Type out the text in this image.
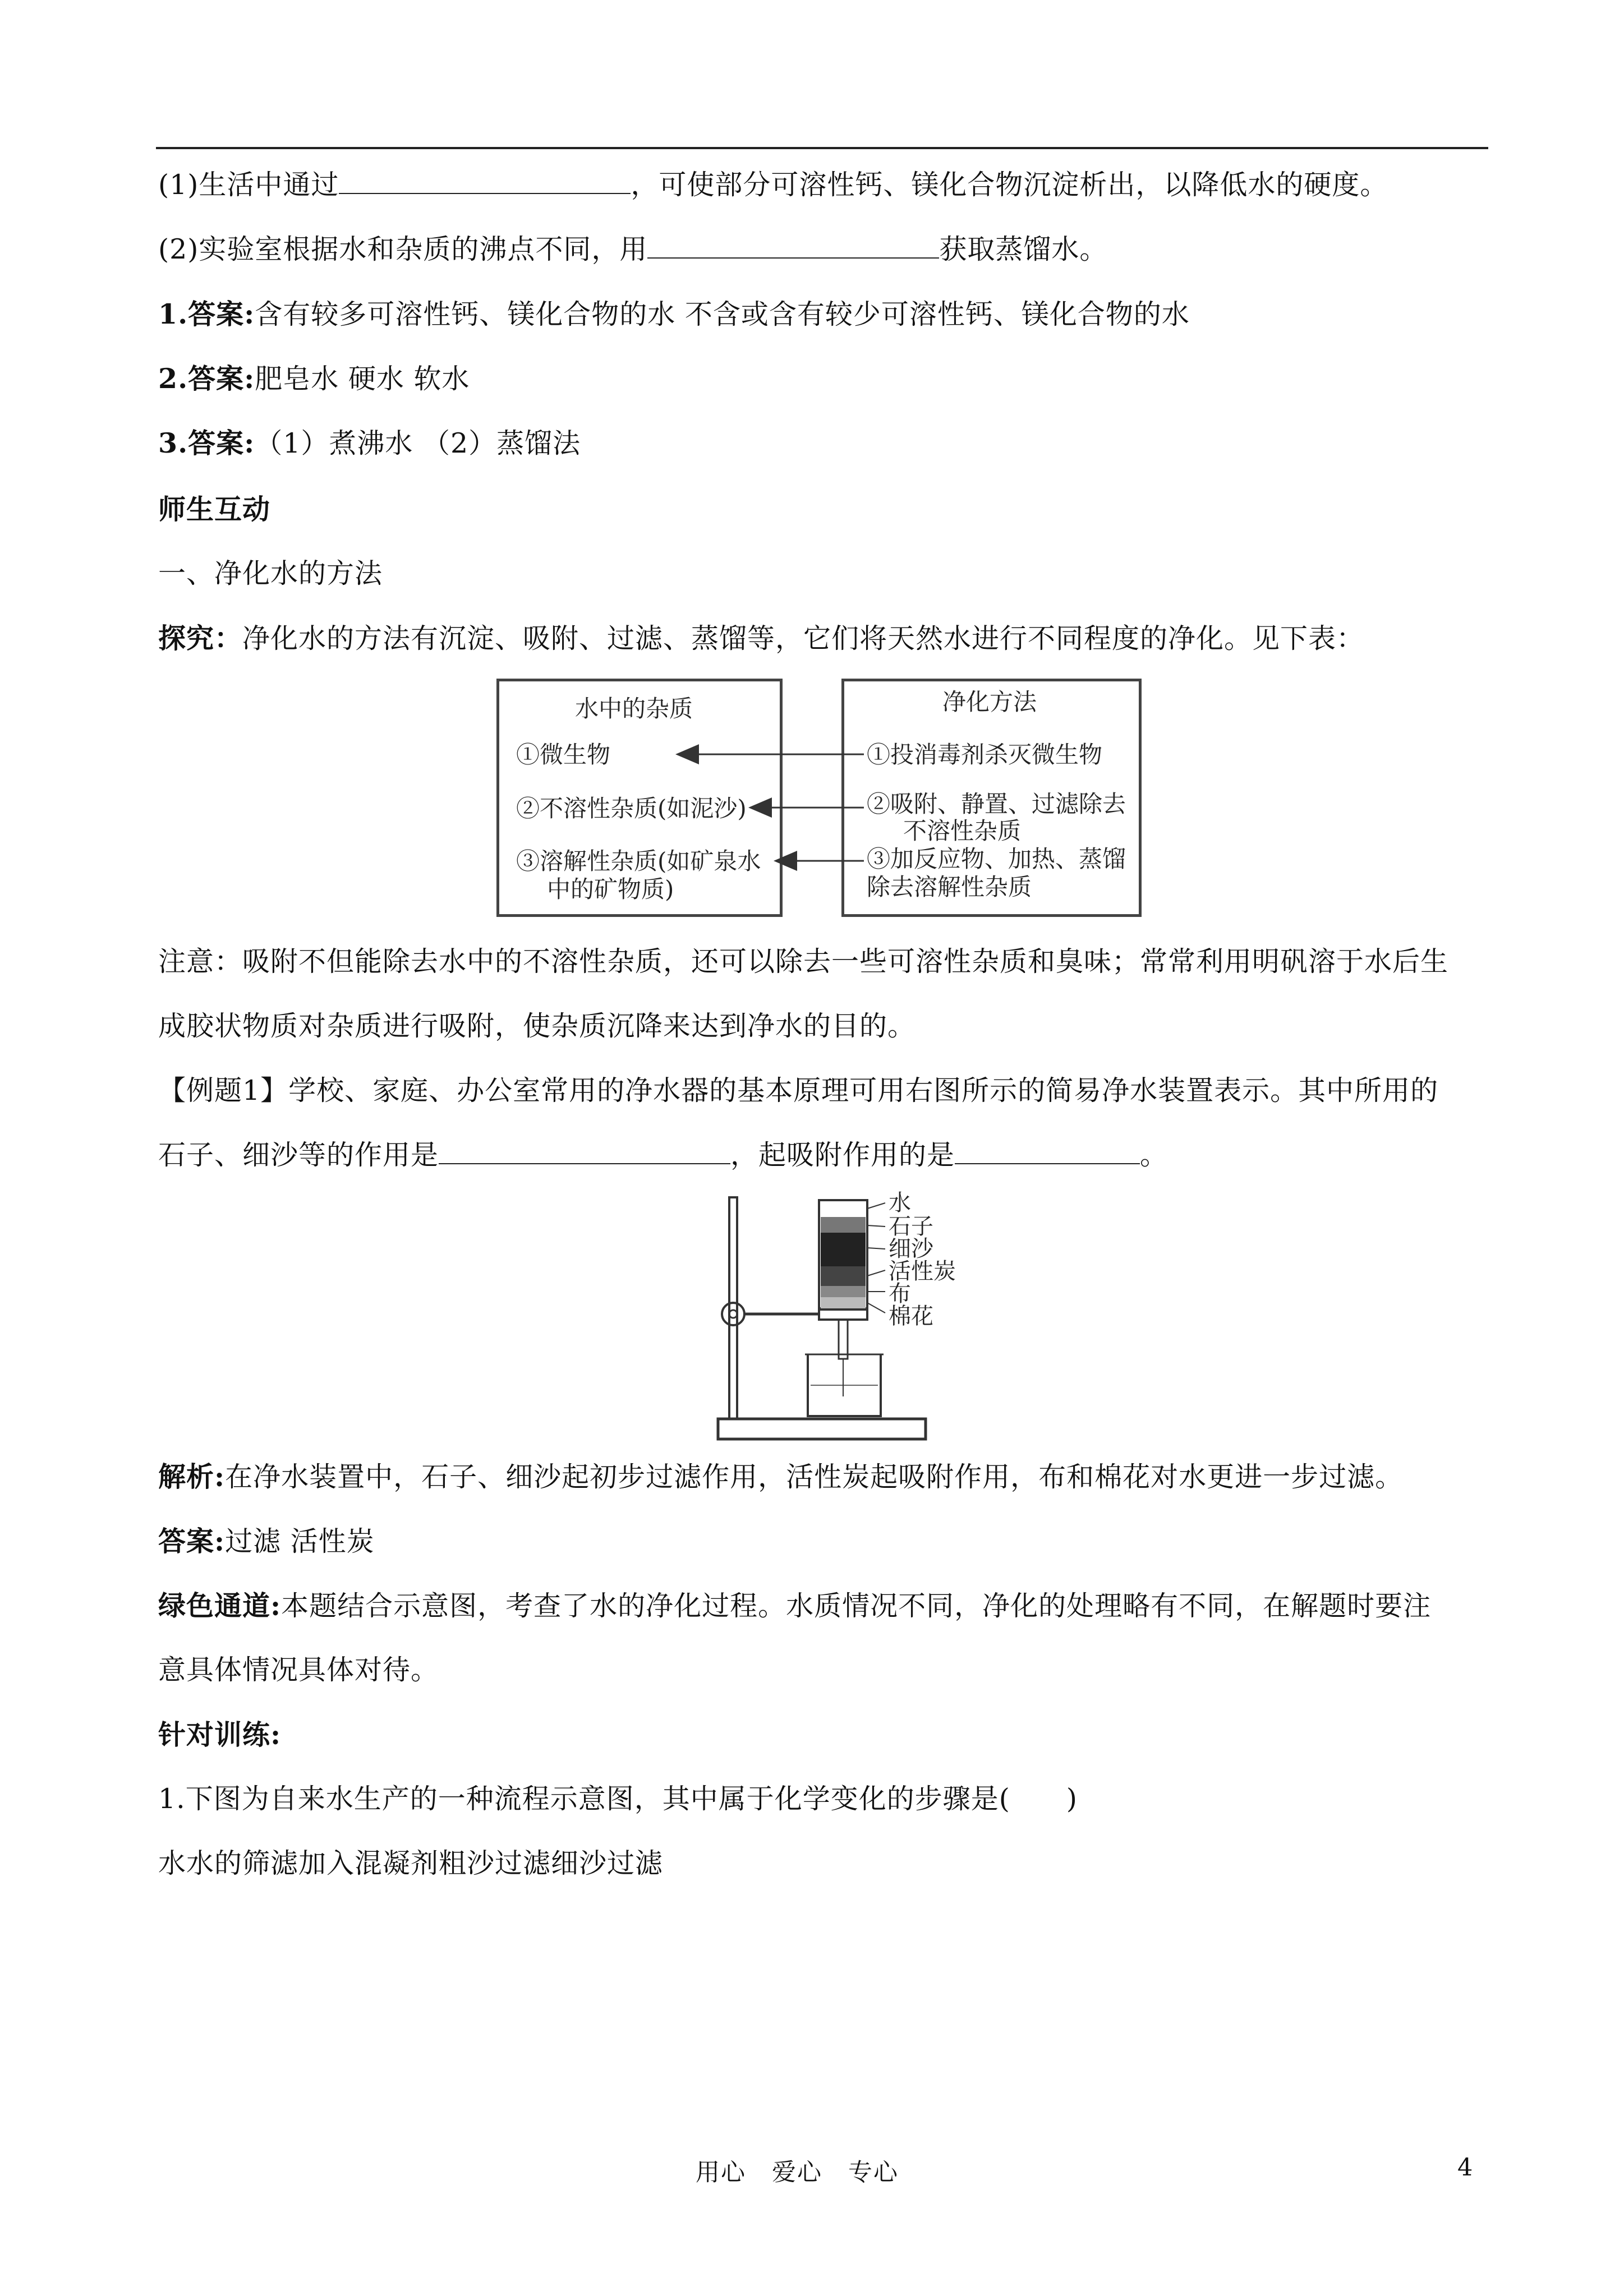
(1)生活中通过	，可使部分可溶性钙、镁化合物沉淀析出，以降低水的硬度。
(2)实验室根据水和杂质的沸点不同，用	获取蒸馏水。
1.答案:含有较多可溶性钙、镁化合物的水 不含或含有较少可溶性钙、镁化合物的水
2.答案:肥皂水 硬水 软水
3.答案:（1）煮沸水 （2）蒸馏法
师生互动
一、净化水的方法
探究：净化水的方法有沉淀、吸附、过滤、蒸馏等，它们将天然水进行不同程度的净化。见下表：
水中的杂质
①微生物
②不溶性杂质(如泥沙)
③溶解性杂质(如矿泉水
中的矿物质)
净化方法
①投消毒剂杀灭微生物
②吸附、静置、过滤除去
不溶性杂质
③加反应物、加热、蒸馏
除去溶解性杂质
注意：吸附不但能除去水中的不溶性杂质，还可以除去一些可溶性杂质和臭味；常常利用明矾溶于水后生
成胶状物质对杂质进行吸附，使杂质沉降来达到净水的目的。
【例题1】学校、家庭、办公室常用的净水器的基本原理可用右图所示的简易净水装置表示。其中所用的
石子、细沙等的作用是	，起吸附作用的是	。
水
石子
细沙
活性炭
布
棉花
解析:在净水装置中，石子、细沙起初步过滤作用，活性炭起吸附作用，布和棉花对水更进一步过滤。
答案:过滤 活性炭
绿色通道:本题结合示意图，考查了水的净化过程。水质情况不同，净化的处理略有不同，在解题时要注
意具体情况具体对待。
针对训练:
1.下图为自来水生产的一种流程示意图，其中属于化学变化的步骤是(　　)
水水的筛滤加入混凝剂粗沙过滤细沙过滤
用心 爱心 专心	4
